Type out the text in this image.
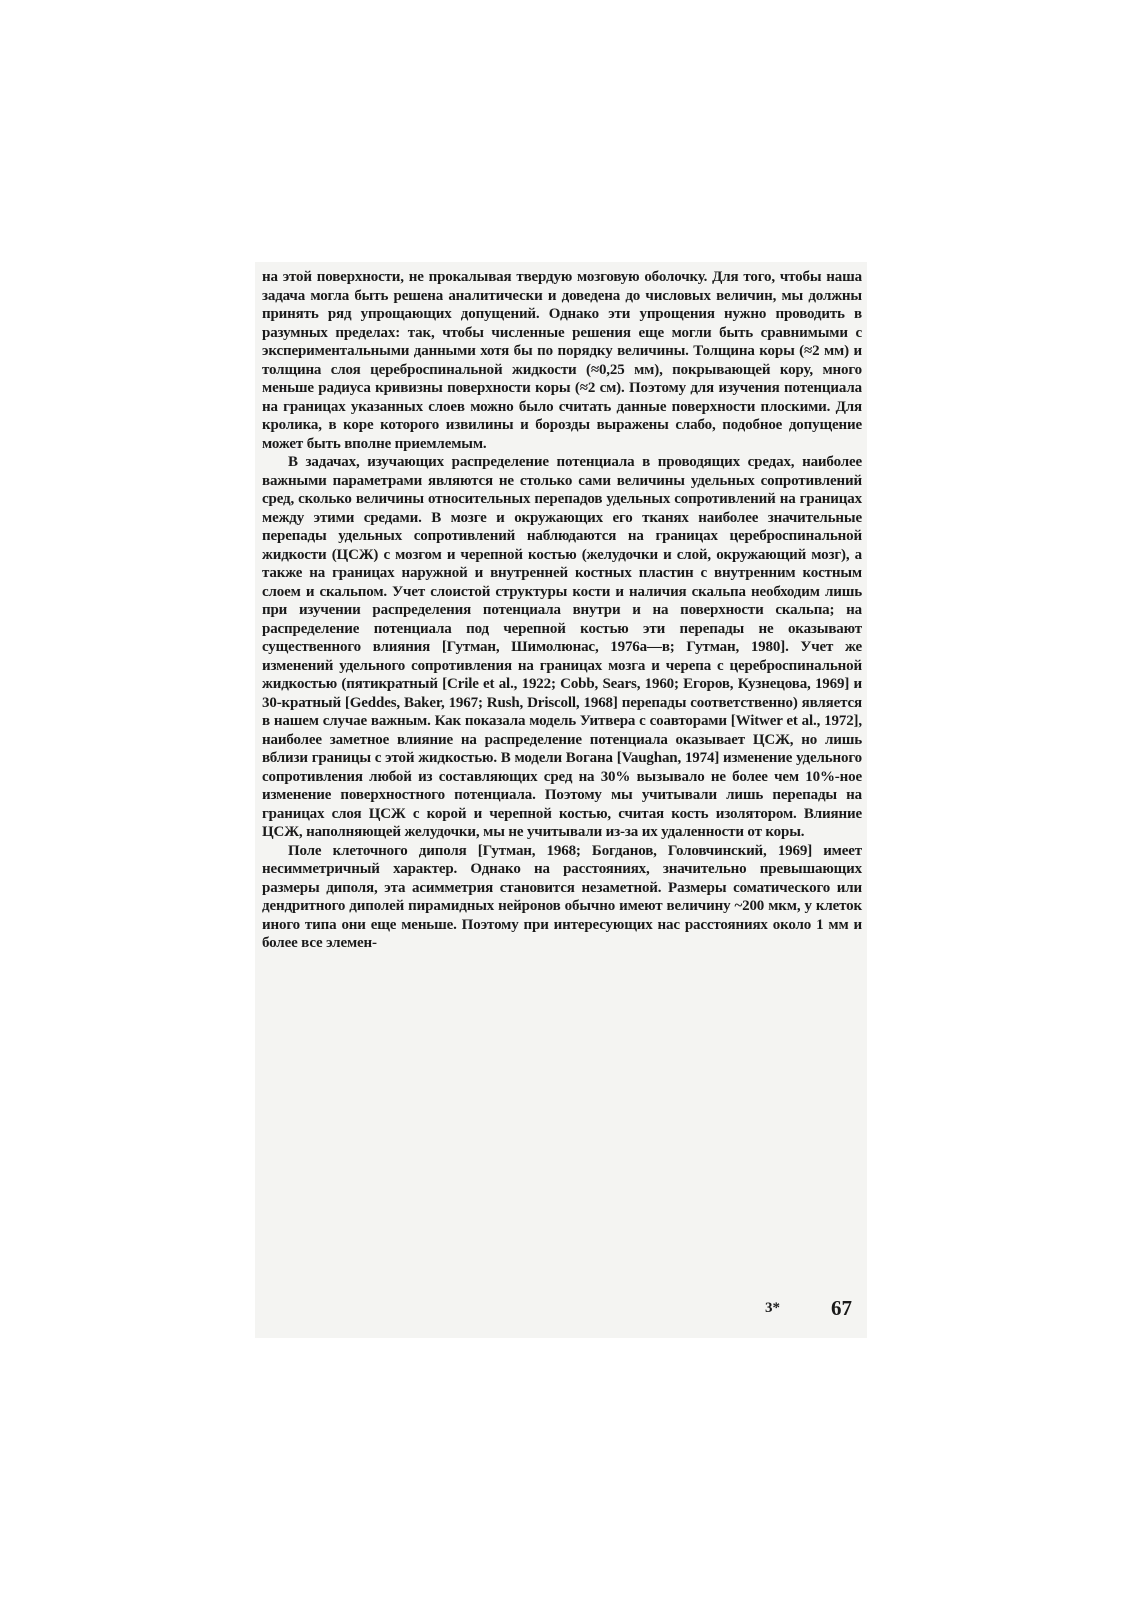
на этой поверхности, не прокалывая твердую мозговую оболочку. Для того, чтобы наша задача могла быть решена аналитически и доведена до числовых величин, мы должны принять ряд упрощающих допущений. Однако эти упрощения нужно проводить в разумных пределах: так, чтобы численные решения еще могли быть сравнимыми с экспериментальными данными хотя бы по порядку величины. Толщина коры (≈2 мм) и толщина слоя цереброспинальной жидкости (≈0,25 мм), покрывающей кору, много меньше радиуса кривизны поверхности коры (≈2 см). Поэтому для изучения потенциала на границах указанных слоев можно было считать данные поверхности плоскими. Для кролика, в коре которого извилины и борозды выражены слабо, подобное допущение может быть вполне приемлемым.

В задачах, изучающих распределение потенциала в проводящих средах, наиболее важными параметрами являются не столько сами величины удельных сопротивлений сред, сколько величины относительных перепадов удельных сопротивлений на границах между этими средами. В мозге и окружающих его тканях наиболее значительные перепады удельных сопротивлений наблюдаются на границах цереброспинальной жидкости (ЦСЖ) с мозгом и черепной костью (желудочки и слой, окружающий мозг), а также на границах наружной и внутренней костных пластин с внутренним костным слоем и скальпом. Учет слоистой структуры кости и наличия скальпа необходим лишь при изучении распределения потенциала внутри и на поверхности скальпа; на распределение потенциала под черепной костью эти перепады не оказывают существенного влияния [Гутман, Шимолюнас, 1976а—в; Гутман, 1980]. Учет же изменений удельного сопротивления на границах мозга и черепа с цереброспинальной жидкостью (пятикратный [Crile et al., 1922; Cobb, Sears, 1960; Егоров, Кузнецова, 1969] и 30-кратный [Geddes, Baker, 1967; Rush, Driscoll, 1968] перепады соответственно) является в нашем случае важным. Как показала модель Уитвера с соавторами [Witwer et al., 1972], наиболее заметное влияние на распределение потенциала оказывает ЦСЖ, но лишь вблизи границы с этой жидкостью. В модели Вогана [Vaughan, 1974] изменение удельного сопротивления любой из составляющих сред на 30% вызывало не более чем 10%-ное изменение поверхностного потенциала. Поэтому мы учитывали лишь перепады на границах слоя ЦСЖ с корой и черепной костью, считая кость изолятором. Влияние ЦСЖ, наполняющей желудочки, мы не учитывали из-за их удаленности от коры.

Поле клеточного диполя [Гутман, 1968; Богданов, Головчинский, 1969] имеет несимметричный характер. Однако на расстояниях, значительно превышающих размеры диполя, эта асимметрия становится незаметной. Размеры соматического или дендритного диполей пирамидных нейронов обычно имеют величину ~200 мкм, у клеток иного типа они еще меньше. Поэтому при интересующих нас расстояниях около 1 мм и более все элемен-

3* 67
